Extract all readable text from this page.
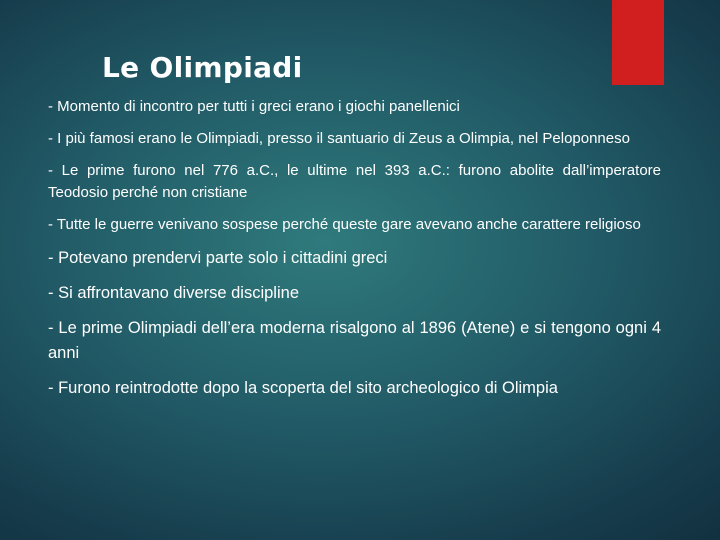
Le Olimpiadi
- Momento di incontro per tutti i greci erano i giochi panellenici
- I più famosi erano le Olimpiadi, presso il santuario di Zeus a Olimpia, nel Peloponneso
- Le prime furono nel 776 a.C., le ultime nel 393 a.C.: furono abolite dall’imperatore Teodosio perché non cristiane
- Tutte le guerre venivano sospese perché queste gare avevano anche carattere religioso
- Potevano prendervi parte solo i cittadini greci
- Si affrontavano diverse discipline
- Le prime Olimpiadi dell’era moderna risalgono al 1896 (Atene) e si tengono ogni 4 anni
- Furono reintrodotte dopo la scoperta del sito archeologico di Olimpia
